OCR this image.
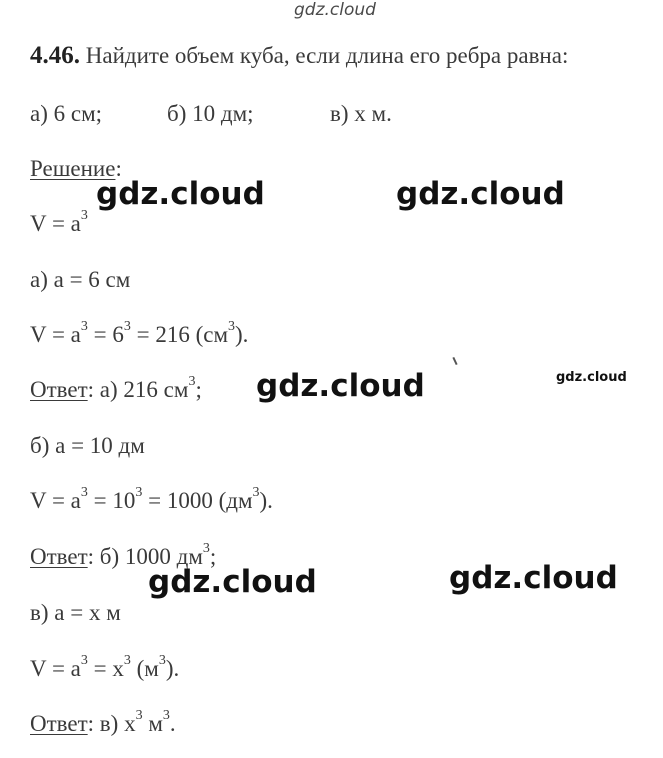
gdz.cloud
gdz.cloud	gdz.cloud
gdz.cloud
gdz.cloud	gdz.cloud
gdz.cloud
4.46. Найдите объем куба, если длина его ребра равна:
а) 6 см;	б) 10 дм;	в) x м.
Решение:
$V = a^3$
а) a = 6 см
$V = a^3 = 6^3 = 216$ $(см^3)$.
Ответ: а) 216 $см^3$;
б) a = 10 дм
$V = a^3 = 10^3 = 1000$ $(дм^3)$.
Ответ: б) 1000 $дм^3$;
в) a = x м
$V = a^3 = x^3$ $(м^3)$.
Ответ: в) $x^3$ $м^3$.
